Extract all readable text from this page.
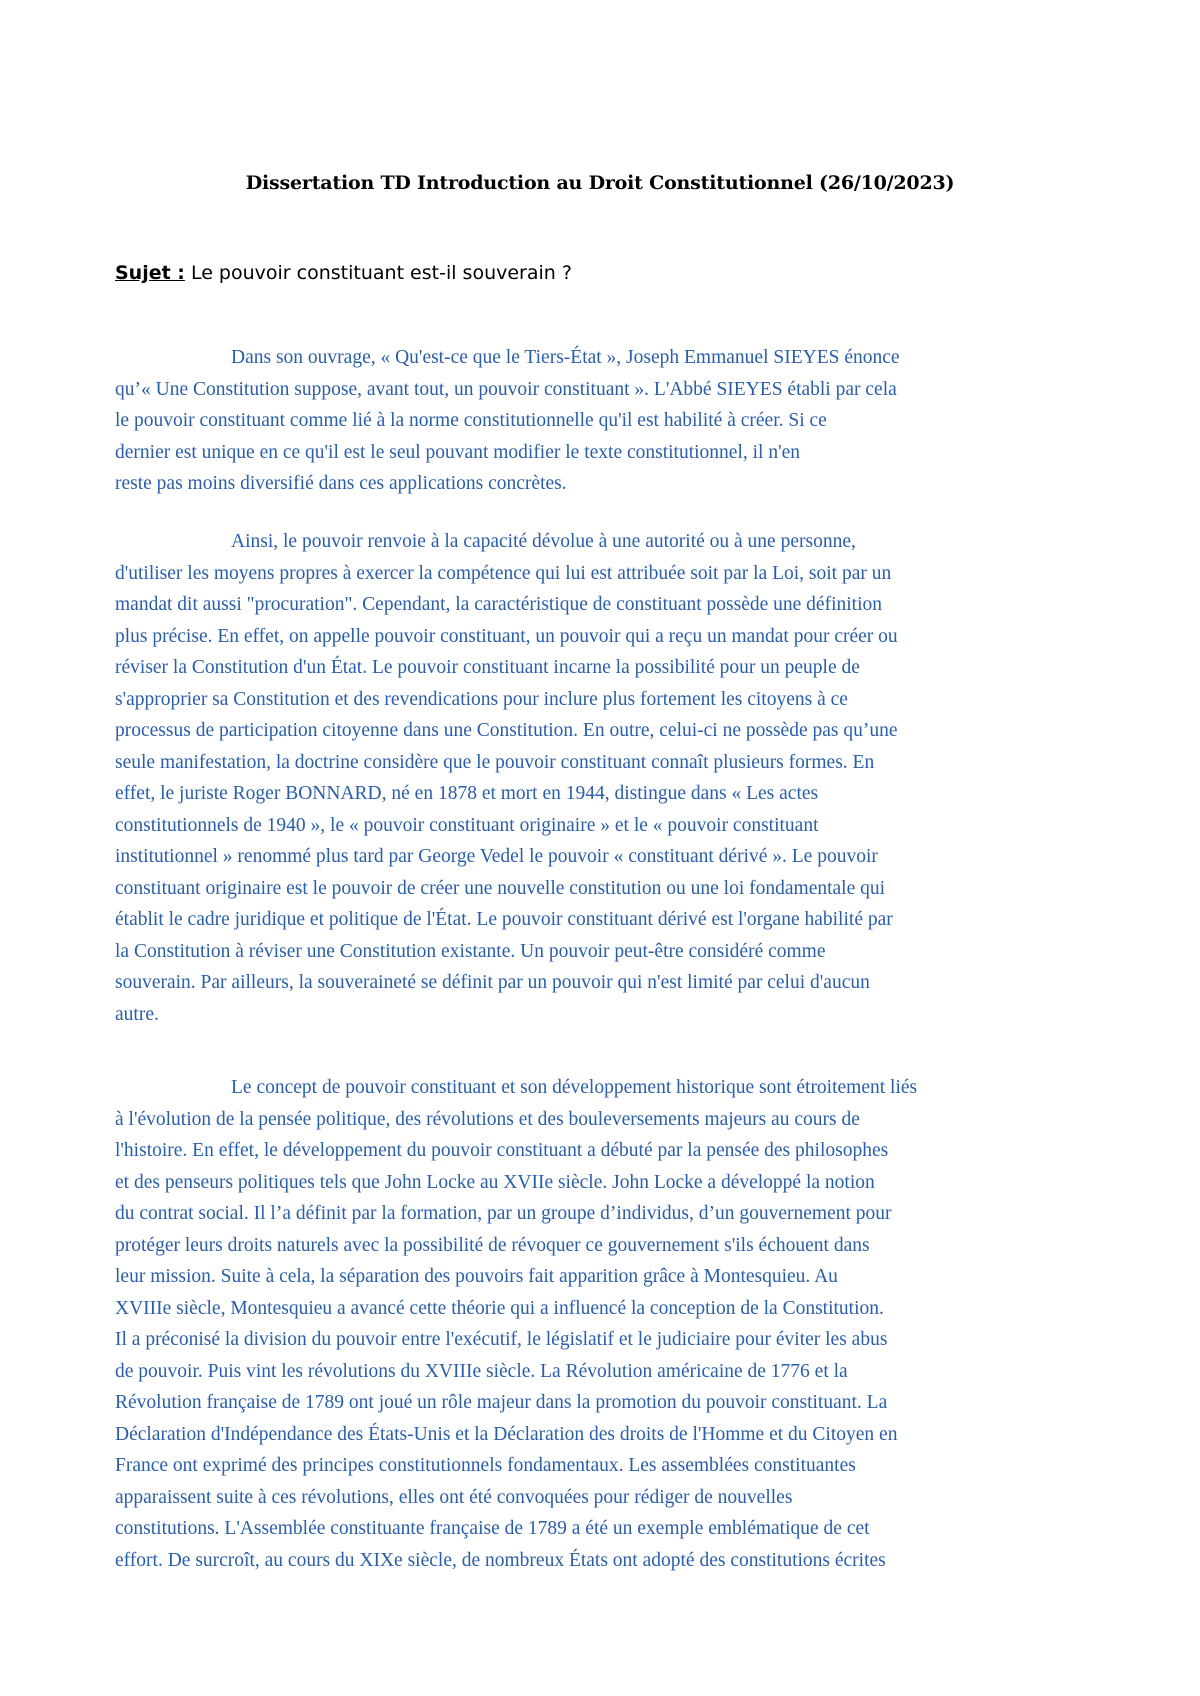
Dissertation TD Introduction au Droit Constitutionnel (26/10/2023)
Sujet : Le pouvoir constituant est-il souverain ?
Dans son ouvrage, « Qu'est-ce que le Tiers-État », Joseph Emmanuel SIEYES énonce
qu’« Une Constitution suppose, avant tout, un pouvoir constituant ». L'Abbé SIEYES établi par cela
le pouvoir constituant comme lié à la norme constitutionnelle qu'il est habilité à créer. Si ce
dernier est unique en ce qu'il est le seul pouvant modifier le texte constitutionnel, il n'en
reste pas moins diversifié dans ces applications concrètes.
Ainsi, le pouvoir renvoie à la capacité dévolue à une autorité ou à une personne,
d'utiliser les moyens propres à exercer la compétence qui lui est attribuée soit par la Loi, soit par un
mandat dit aussi "procuration". Cependant, la caractéristique de constituant possède une définition
plus précise. En effet, on appelle pouvoir constituant, un pouvoir qui a reçu un mandat pour créer ou
réviser la Constitution d'un État. Le pouvoir constituant incarne la possibilité pour un peuple de
s'approprier sa Constitution et des revendications pour inclure plus fortement les citoyens à ce
processus de participation citoyenne dans une Constitution. En outre, celui-ci ne possède pas qu’une
seule manifestation, la doctrine considère que le pouvoir constituant connaît plusieurs formes. En
effet, le juriste Roger BONNARD, né en 1878 et mort en 1944, distingue dans « Les actes
constitutionnels de 1940 », le « pouvoir constituant originaire » et le « pouvoir constituant
institutionnel » renommé plus tard par George Vedel le pouvoir « constituant dérivé ». Le pouvoir
constituant originaire est le pouvoir de créer une nouvelle constitution ou une loi fondamentale qui
établit le cadre juridique et politique de l'État. Le pouvoir constituant dérivé est l'organe habilité par
la Constitution à réviser une Constitution existante. Un pouvoir peut-être considéré comme
souverain. Par ailleurs, la souveraineté se définit par un pouvoir qui n'est limité par celui d'aucun
autre.
Le concept de pouvoir constituant et son développement historique sont étroitement liés
à l'évolution de la pensée politique, des révolutions et des bouleversements majeurs au cours de
l'histoire. En effet, le développement du pouvoir constituant a débuté par la pensée des philosophes
et des penseurs politiques tels que John Locke au XVIIe siècle. John Locke a développé la notion
du contrat social. Il l’a définit par la formation, par un groupe d’individus, d’un gouvernement pour
protéger leurs droits naturels avec la possibilité de révoquer ce gouvernement s'ils échouent dans
leur mission. Suite à cela, la séparation des pouvoirs fait apparition grâce à Montesquieu. Au
XVIIIe siècle, Montesquieu a avancé cette théorie qui a influencé la conception de la Constitution.
Il a préconisé la division du pouvoir entre l'exécutif, le législatif et le judiciaire pour éviter les abus
de pouvoir. Puis vint les révolutions du XVIIIe siècle. La Révolution américaine de 1776 et la
Révolution française de 1789 ont joué un rôle majeur dans la promotion du pouvoir constituant. La
Déclaration d'Indépendance des États-Unis et la Déclaration des droits de l'Homme et du Citoyen en
France ont exprimé des principes constitutionnels fondamentaux. Les assemblées constituantes
apparaissent suite à ces révolutions, elles ont été convoquées pour rédiger de nouvelles
constitutions. L'Assemblée constituante française de 1789 a été un exemple emblématique de cet
effort. De surcroît, au cours du XIXe siècle, de nombreux États ont adopté des constitutions écrites
